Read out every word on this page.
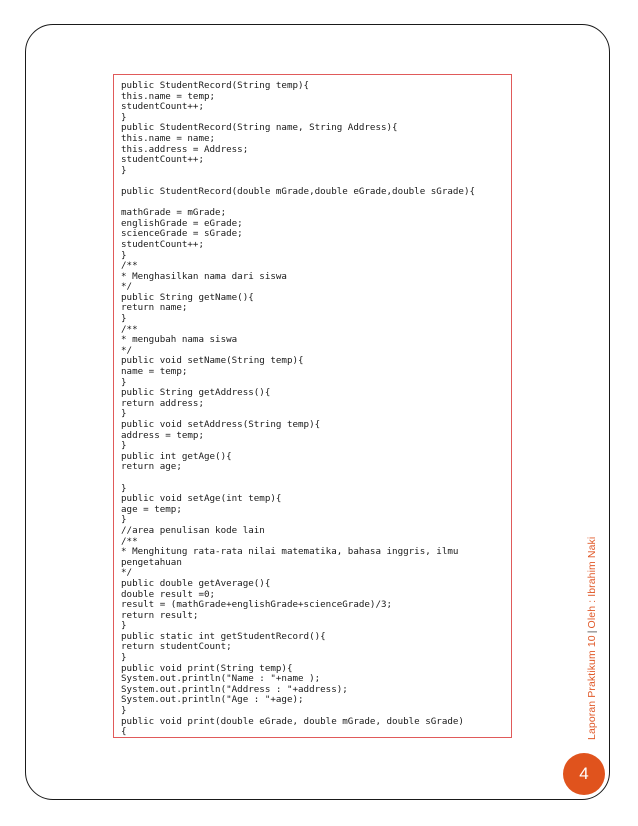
public StudentRecord(String temp){
this.name = temp;
studentCount++;
}
public StudentRecord(String name, String Address){
this.name = name;
this.address = Address;
studentCount++;
}
public StudentRecord(double mGrade,double eGrade,double sGrade){
mathGrade = mGrade;
englishGrade = eGrade;
scienceGrade = sGrade;
studentCount++;
}
/**
* Menghasilkan nama dari siswa
*/
public String getName(){
return name;
}
/**
* mengubah nama siswa
*/
public void setName(String temp){
name = temp;
}
public String getAddress(){
return address;
}
public void setAddress(String temp){
address = temp;
}
public int getAge(){
return age;
}
public void setAge(int temp){
age = temp;
}
//area penulisan kode lain
/**
* Menghitung rata-rata nilai matematika, bahasa inggris, ilmu
pengetahuan
*/
public double getAverage(){
double result =0;
result = (mathGrade+englishGrade+scienceGrade)/3;
return result;
}
public static int getStudentRecord(){
return studentCount;
}
public void print(String temp){
System.out.println("Name : "+name );
System.out.println("Address : "+address);
System.out.println("Age : "+age);
}
public void print(double eGrade, double mGrade, double sGrade)
{	Laporan Praktikum 10|Oleh : Ibrahim Naki
4
